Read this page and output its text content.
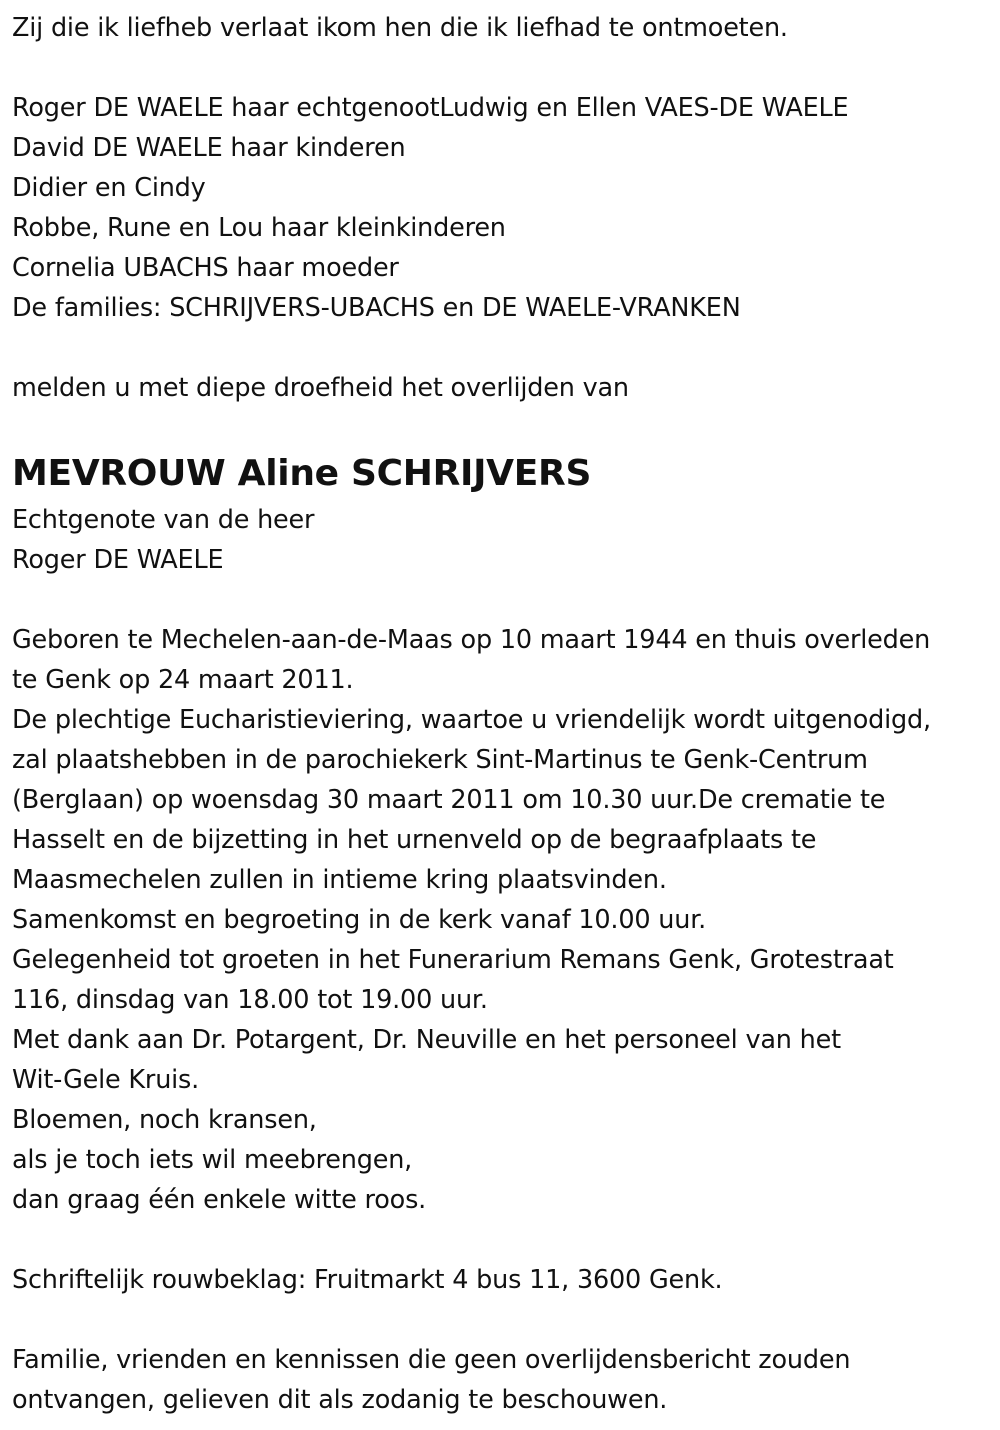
Zij die ik liefheb verlaat ikom hen die ik liefhad te ontmoeten.
Roger DE WAELE haar echtgenootLudwig en Ellen VAES-DE WAELE
David DE WAELE haar kinderen
Didier en Cindy
Robbe, Rune en Lou haar kleinkinderen
Cornelia UBACHS haar moeder
De families: SCHRIJVERS-UBACHS en DE WAELE-VRANKEN
melden u met diepe droefheid het overlijden van
MEVROUW Aline SCHRIJVERS
Echtgenote van de heer
Roger DE WAELE
Geboren te Mechelen-aan-de-Maas op 10 maart 1944 en thuis overleden
te Genk op 24 maart 2011.
De plechtige Eucharistieviering, waartoe u vriendelijk wordt uitgenodigd,
zal plaatshebben in de parochiekerk Sint-Martinus te Genk-Centrum
(Berglaan) op woensdag 30 maart 2011 om 10.30 uur.De crematie te
Hasselt en de bijzetting in het urnenveld op de begraafplaats te
Maasmechelen zullen in intieme kring plaatsvinden.
Samenkomst en begroeting in de kerk vanaf 10.00 uur.
Gelegenheid tot groeten in het Funerarium Remans Genk, Grotestraat
116, dinsdag van 18.00 tot 19.00 uur.
Met dank aan Dr. Potargent, Dr. Neuville en het personeel van het
Wit-Gele Kruis.
Bloemen, noch kransen,
als je toch iets wil meebrengen,
dan graag één enkele witte roos.
Schriftelijk rouwbeklag: Fruitmarkt 4 bus 11, 3600 Genk.
Familie, vrienden en kennissen die geen overlijdensbericht zouden
ontvangen, gelieven dit als zodanig te beschouwen.
